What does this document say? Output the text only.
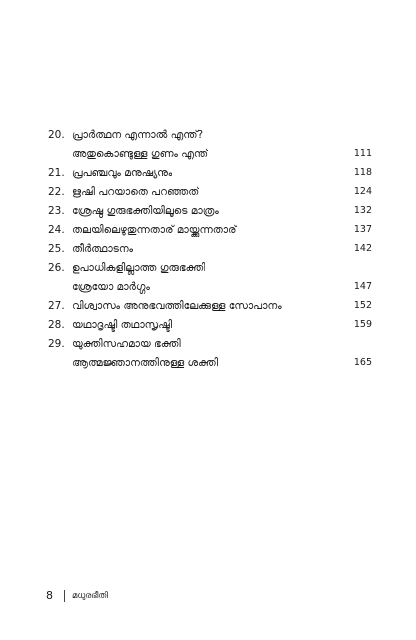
20. പ്രാർത്ഥന എന്നാൽ എന്ത്?
അതുകൊണ്ടുള്ള ഗുണം എന്ത്	111
21. പ്രപഞ്ചവും മനുഷ്യനും	118
22. ഋഷി പറയാതെ പറഞ്ഞത്	124
23. ശ്രേഷ്ഠ ഗുരുഭക്തിയിലൂടെ മാത്രം	132
24. തലയിലെഴുതുന്നതാര് മായ്ക്കുന്നതാര്	137
25. തീർത്ഥാടനം	142
26. ഉപാധികളില്ലാത്ത ഗുരുഭക്തി
ശ്രേയോ മാർഗ്ഗം	147
27. വിശ്വാസം അനുഭവത്തിലേക്കുള്ള സോപാനം	152
28. യഥാദൃഷ്ടി തഥാസൃഷ്ടി	159
29. യുക്തിസഹമായ ഭക്തി
ആത്മജ്ഞാനത്തിനുള്ള ശക്തി	165
8 മധുരഭീതി
